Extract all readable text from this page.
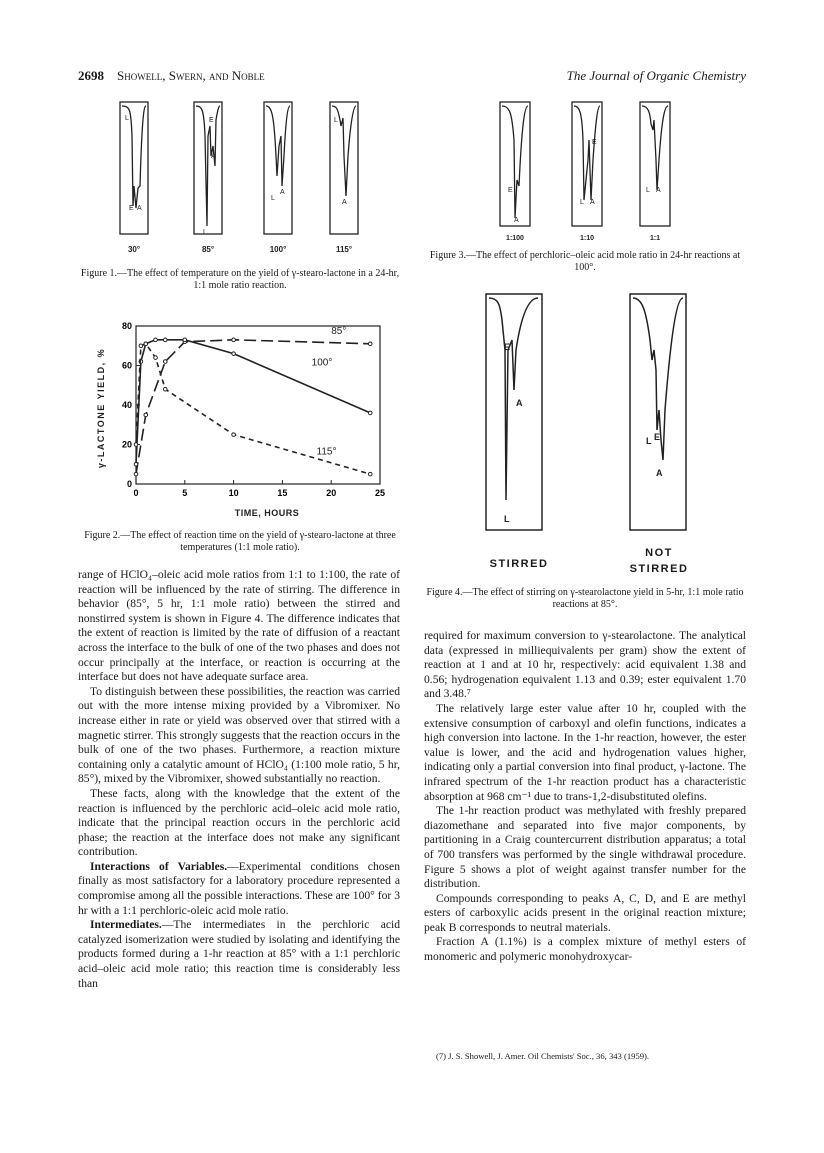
2698 Showell, Swern, and Noble	The Journal of Organic Chemistry
L
E A
E
A
L
L
A
L
A
30°	85°	100°	115°
Figure 1.—The effect of temperature on the yield of γ-stearo-lactone in a 24-hr, 1:1 mole ratio reaction.
γ-LACTONE YIELD, %
TIME, HOURS
0	5	10	15	20	25
0
20
40
60
80	85°
100°
115°
Figure 2.—The effect of reaction time on the yield of γ-stearo-lactone at three temperatures (1:1 mole ratio).
E
A
E
L A
L A
1:100	1:10	1:1
Figure 3.—The effect of perchloric–oleic acid mole ratio in 24-hr reactions at 100°.
E
A
L
L E
A
STIRRED
NOT
STIRRED
Figure 4.—The effect of stirring on γ-stearolactone yield in 5-hr, 1:1 mole ratio reactions at 85°.

range of HClO₄–oleic acid mole ratios from 1:1 to 1:100, the rate of reaction will be influenced by the rate of stirring. The difference in behavior (85°, 5 hr, 1:1 mole ratio) between the stirred and nonstirred system is shown in Figure 4. The difference indicates that the extent of reaction is limited by the rate of diffusion of a reactant across the interface to the bulk of one of the two phases and does not occur principally at the interface, or reaction is occurring at the interface but does not have adequate surface area.

To distinguish between these possibilities, the reaction was carried out with the more intense mixing provided by a Vibromixer. No increase either in rate or yield was observed over that stirred with a magnetic stirrer. This strongly suggests that the reaction occurs in the bulk of one of the two phases. Furthermore, a reaction mixture containing only a catalytic amount of HClO₄ (1:100 mole ratio, 5 hr, 85°), mixed by the Vibromixer, showed substantially no reaction.

These facts, along with the knowledge that the extent of the reaction is influenced by the perchloric acid–oleic acid mole ratio, indicate that the principal reaction occurs in the perchloric acid phase; the reaction at the interface does not make any significant contribution.

Interactions of Variables.—Experimental conditions chosen finally as most satisfactory for a laboratory procedure represented a compromise among all the possible interactions. These are 100° for 3 hr with a 1:1 perchloric-oleic acid mole ratio.

Intermediates.—The intermediates in the perchloric acid catalyzed isomerization were studied by isolating and identifying the products formed during a 1-hr reaction at 85° with a 1:1 perchloric acid–oleic acid mole ratio; this reaction time is considerably less than

required for maximum conversion to γ-stearolactone. The analytical data (expressed in milliequivalents per gram) show the extent of reaction at 1 and at 10 hr, respectively: acid equivalent 1.38 and 0.56; hydrogenation equivalent 1.13 and 0.39; ester equivalent 1.70 and 3.48.⁷

The relatively large ester value after 10 hr, coupled with the extensive consumption of carboxyl and olefin functions, indicates a high conversion into lactone. In the 1-hr reaction, however, the ester value is lower, and the acid and hydrogenation values higher, indicating only a partial conversion into final product, γ-lactone. The infrared spectrum of the 1-hr reaction product has a characteristic absorption at 968 cm⁻¹ due to trans-1,2-disubstituted olefins.

The 1-hr reaction product was methylated with freshly prepared diazomethane and separated into five major components, by partitioning in a Craig countercurrent distribution apparatus; a total of 700 transfers was performed by the single withdrawal procedure. Figure 5 shows a plot of weight against transfer number for the distribution.

Compounds corresponding to peaks A, C, D, and E are methyl esters of carboxylic acids present in the original reaction mixture; peak B corresponds to neutral materials.

Fraction A (1.1%) is a complex mixture of methyl esters of monomeric and polymeric monohydroxycar-

(7) J. S. Showell, J. Amer. Oil Chemists' Soc., 36, 343 (1959).
